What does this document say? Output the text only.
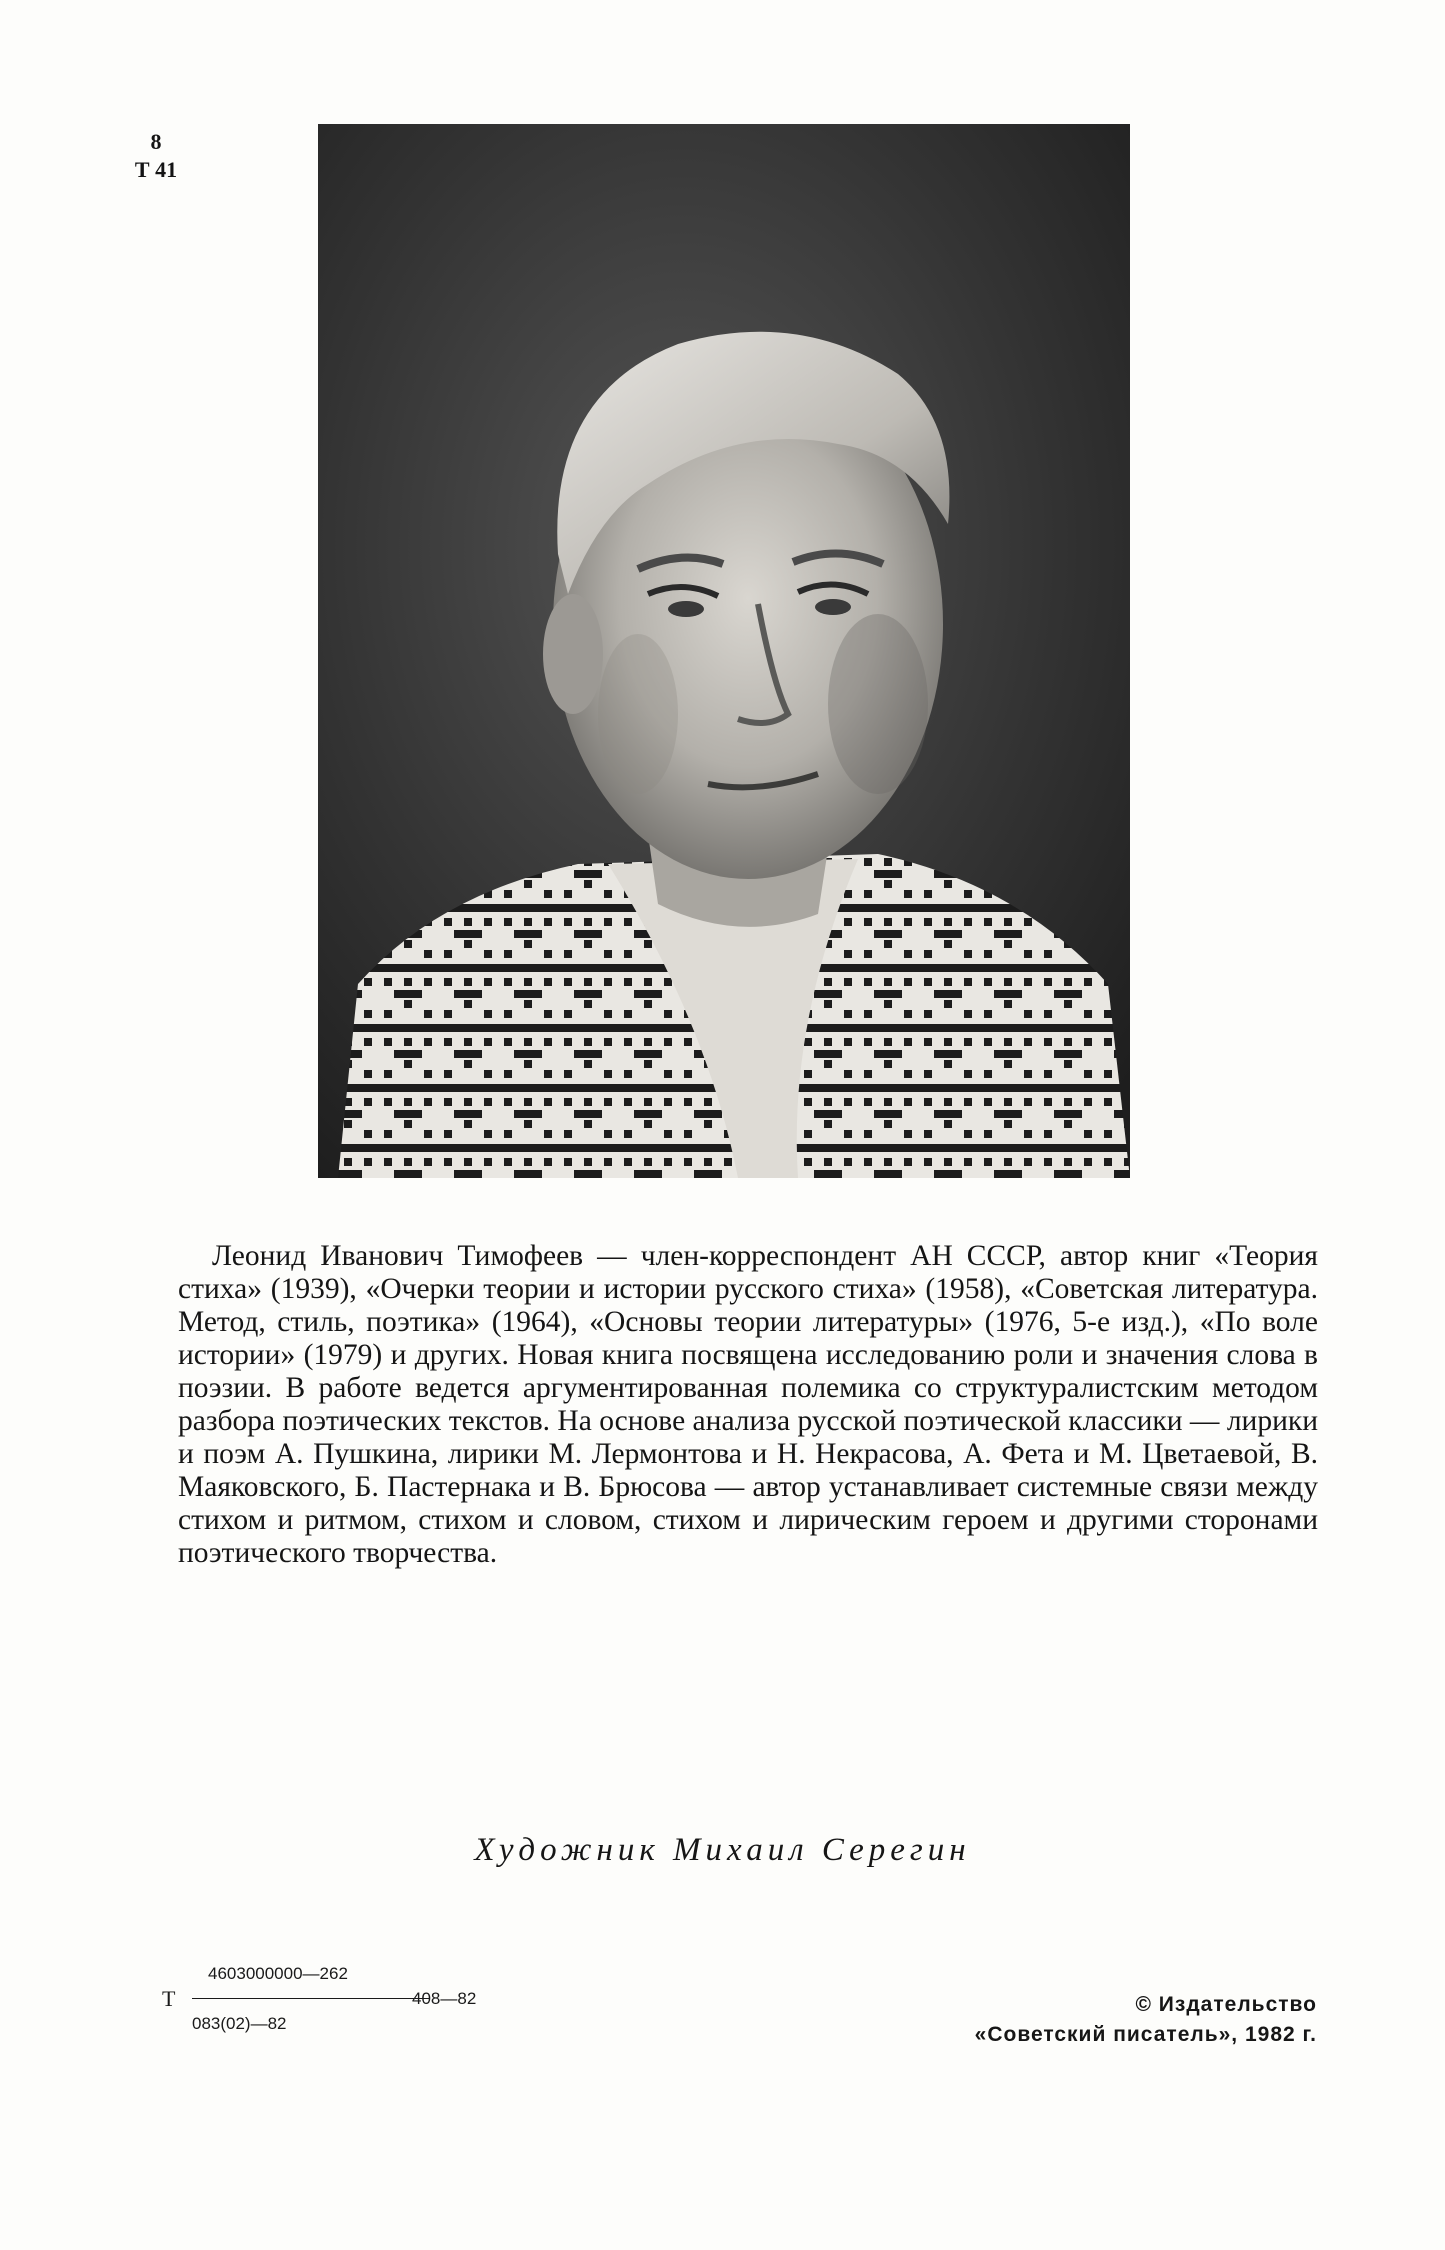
8
Т 41
Леонид Иванович Тимофеев — член-корреспондент АН СССР, автор книг «Теория стиха» (1939), «Очерки теории и истории русского стиха» (1958), «Советская литература. Метод, стиль, поэтика» (1964), «Основы теории литературы» (1976, 5-е изд.), «По воле истории» (1979) и других. Новая книга посвящена исследованию роли и значения слова в поэзии. В работе ведется аргументированная полемика со структуралистским методом разбора поэтических текстов. На основе анализа русской поэтической классики — лирики и поэм А. Пушкина, лирики М. Лермонтова и Н. Некрасова, А. Фета и М. Цветаевой, В. Маяковского, Б. Пастернака и В. Брюсова — автор устанавливает системные связи между стихом и ритмом, стихом и словом, стихом и лирическим героем и другими сторонами поэтического творчества.
Художник Михаил Серегин
Т
4603000000—262
408—82
083(02)—82
© Издательство
«Советский писатель», 1982 г.
